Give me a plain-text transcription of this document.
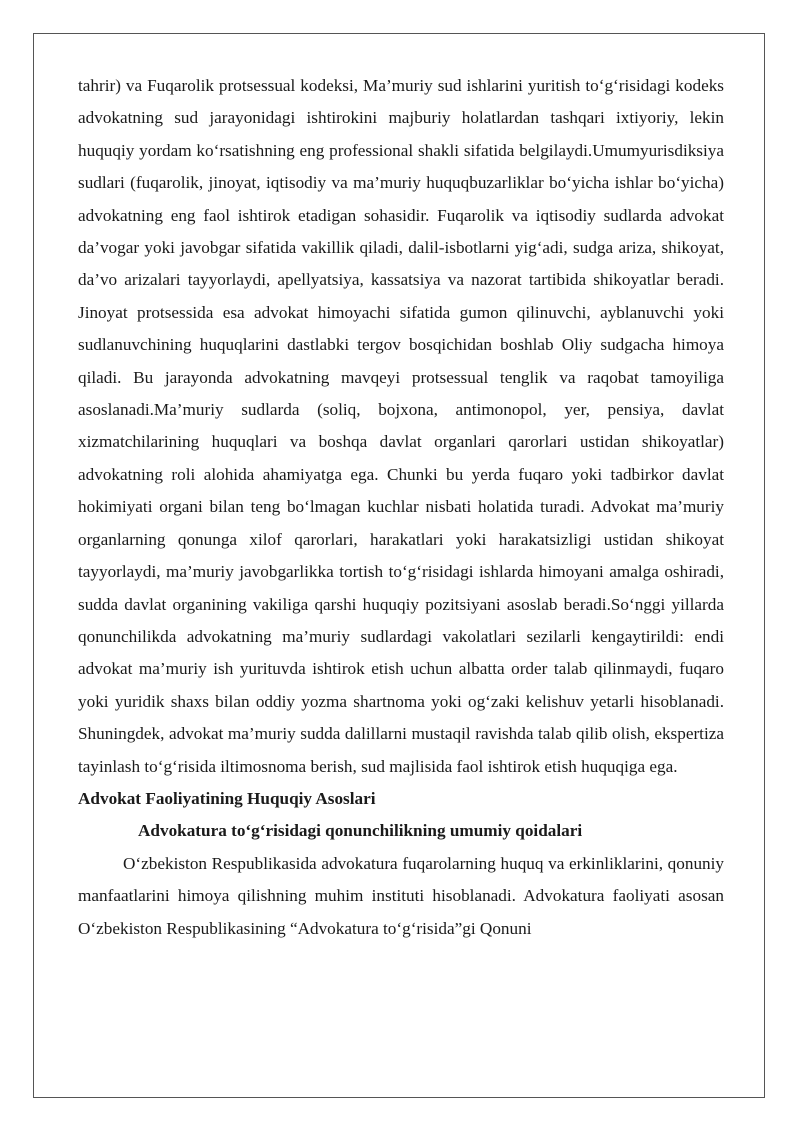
tahrir) va Fuqarolik protsessual kodeksi, Ma’muriy sud ishlarini yuritish to‘g‘risidagi kodeks advokatning sud jarayonidagi ishtirokini majburiy holatlardan tashqari ixtiyoriy, lekin huquqiy yordam ko‘rsatishning eng professional shakli sifatida belgilaydi.Umumyurisdiksiya sudlari (fuqarolik, jinoyat, iqtisodiy va ma’muriy huquqbuzarliklar bo‘yicha ishlar bo‘yicha) advokatning eng faol ishtirok etadigan sohasidir. Fuqarolik va iqtisodiy sudlarda advokat da’vogar yoki javobgar sifatida vakillik qiladi, dalil-isbotlarni yig‘adi, sudga ariza, shikoyat, da’vo arizalari tayyorlaydi, apellyatsiya, kassatsiya va nazorat tartibida shikoyatlar beradi. Jinoyat protsessida esa advokat himoyachi sifatida gumon qilinuvchi, ayblanuvchi yoki sudlanuvchining huquqlarini dastlabki tergov bosqichidan boshlab Oliy sudgacha himoya qiladi. Bu jarayonda advokatning mavqeyi protsessual tenglik va raqobat tamoyiliga asoslanadi.Ma’muriy sudlarda (soliq, bojxona, antimonopol, yer, pensiya, davlat xizmatchilarining huquqlari va boshqa davlat organlari qarorlari ustidan shikoyatlar) advokatning roli alohida ahamiyatga ega. Chunki bu yerda fuqaro yoki tadbirkor davlat hokimiyati organi bilan teng bo‘lmagan kuchlar nisbati holatida turadi. Advokat ma’muriy organlarning qonunga xilof qarorlari, harakatlari yoki harakatsizligi ustidan shikoyat tayyorlaydi, ma’muriy javobgarlikka tortish to‘g‘risidagi ishlarda himoyani amalga oshiradi, sudda davlat organining vakiliga qarshi huquqiy pozitsiyani asoslab beradi.So‘nggi yillarda qonunchilikda advokatning ma’muriy sudlardagi vakolatlari sezilarli kengaytirildi: endi advokat ma’muriy ish yurituvda ishtirok etish uchun albatta order talab qilinmaydi, fuqaro yoki yuridik shaxs bilan oddiy yozma shartnoma yoki og‘zaki kelishuv yetarli hisoblanadi. Shuningdek, advokat ma’muriy sudda dalillarni mustaqil ravishda talab qilib olish, ekspertiza tayinlash to‘g‘risida iltimosnoma berish, sud majlisida faol ishtirok etish huquqiga ega.

Advokat Faoliyatining Huquqiy Asoslari

Advokatura to‘g‘risidagi qonunchilikning umumiy qoidalari

O‘zbekiston Respublikasida advokatura fuqarolarning huquq va erkinliklarini, qonuniy manfaatlarini himoya qilishning muhim instituti hisoblanadi. Advokatura faoliyati asosan O‘zbekiston Respublikasining “Advokatura to‘g‘risida”gi Qonuni
